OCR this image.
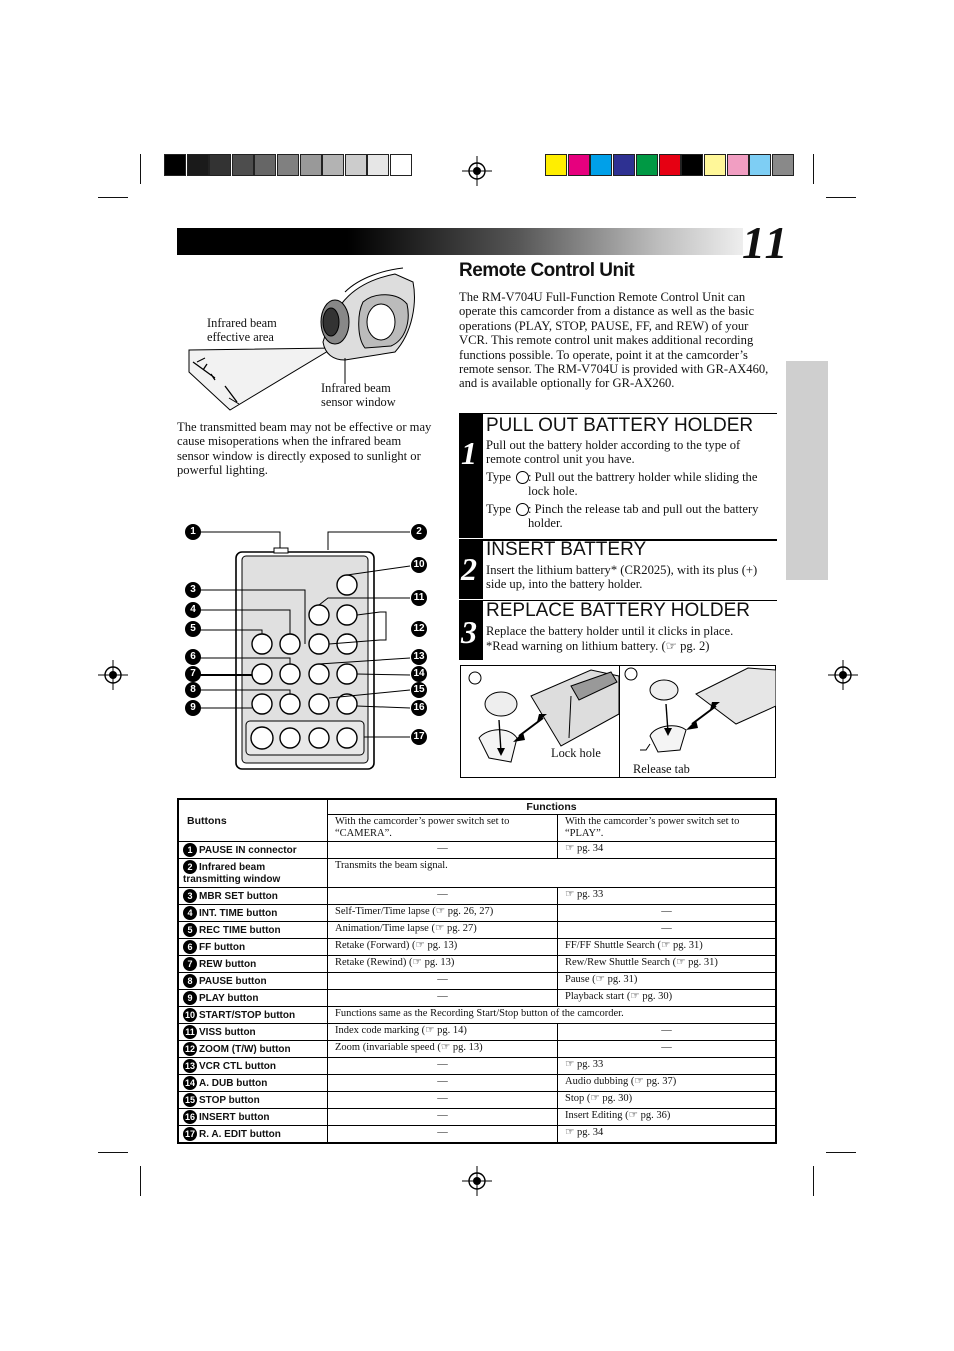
11
Infrared beam effective area
Infrared beam sensor window
The transmitted beam may not be effective or may cause misoperations when the infrared beam sensor window is directly exposed to sunlight or powerful lighting.
1	2
3
4
5
6
7
8
9
10
11
12
13
14
15
16
17
Remote Control Unit
The RM-V704U Full-Function Remote Control Unit can operate this camcorder from a distance as well as the basic operations (PLAY, STOP, PAUSE, FF, and REW) of your VCR. This remote control unit makes additional recording functions possible. To operate, point it at the camcorder’s remote sensor. The RM-V704U is provided with GR-AX460, and is available optionally for GR-AX260.
1
PULL OUT BATTERY HOLDER
Pull out the battery holder according to the type of remote control unit you have.
Type : Pull out the battrery holder while sliding the lock hole.
Type : Pinch the release tab and pull out the battery holder.
2
INSERT BATTERY
Insert the lithium battery* (CR2025), with its plus (+) side up, into the battery holder.
3
REPLACE BATTERY HOLDER
Replace the battery holder until it clicks in place.
*Read warning on lithium battery. (☞ pg. 2)
Lock hole
Release tab
Buttons	Functions	
	With the camcorder’s power switch set to “CAMERA”.	With the camcorder’s power switch set to “PLAY”.
1 PAUSE IN connector	—	☞ pg. 34
2 Infrared beam transmitting window	Transmits the beam signal.	
3 MBR SET button	—	☞ pg. 33
4 INT. TIME button	Self-Timer/Time lapse (☞ pg. 26, 27)	—
5 REC TIME button	Animation/Time lapse (☞ pg. 27)	—
6 FF button	Retake (Forward) (☞ pg. 13)	FF/FF Shuttle Search (☞ pg. 31)
7 REW button	Retake (Rewind) (☞ pg. 13)	Rew/Rew Shuttle Search (☞ pg. 31)
8 PAUSE button	—	Pause (☞ pg. 31)
9 PLAY button	—	Playback start (☞ pg. 30)
10 START/STOP button	Functions same as the Recording Start/Stop button of the camcorder.	
11 VISS button	Index code marking (☞ pg. 14)	—
12 ZOOM (T/W) button	Zoom (invariable speed (☞ pg. 13)	—
13 VCR CTL button	—	☞ pg. 33
14 A. DUB button	—	Audio dubbing (☞ pg. 37)
15 STOP button	—	Stop (☞ pg. 30)
16 INSERT button	—	Insert Editing (☞ pg. 36)
17 R. A. EDIT button	—	☞ pg. 34
